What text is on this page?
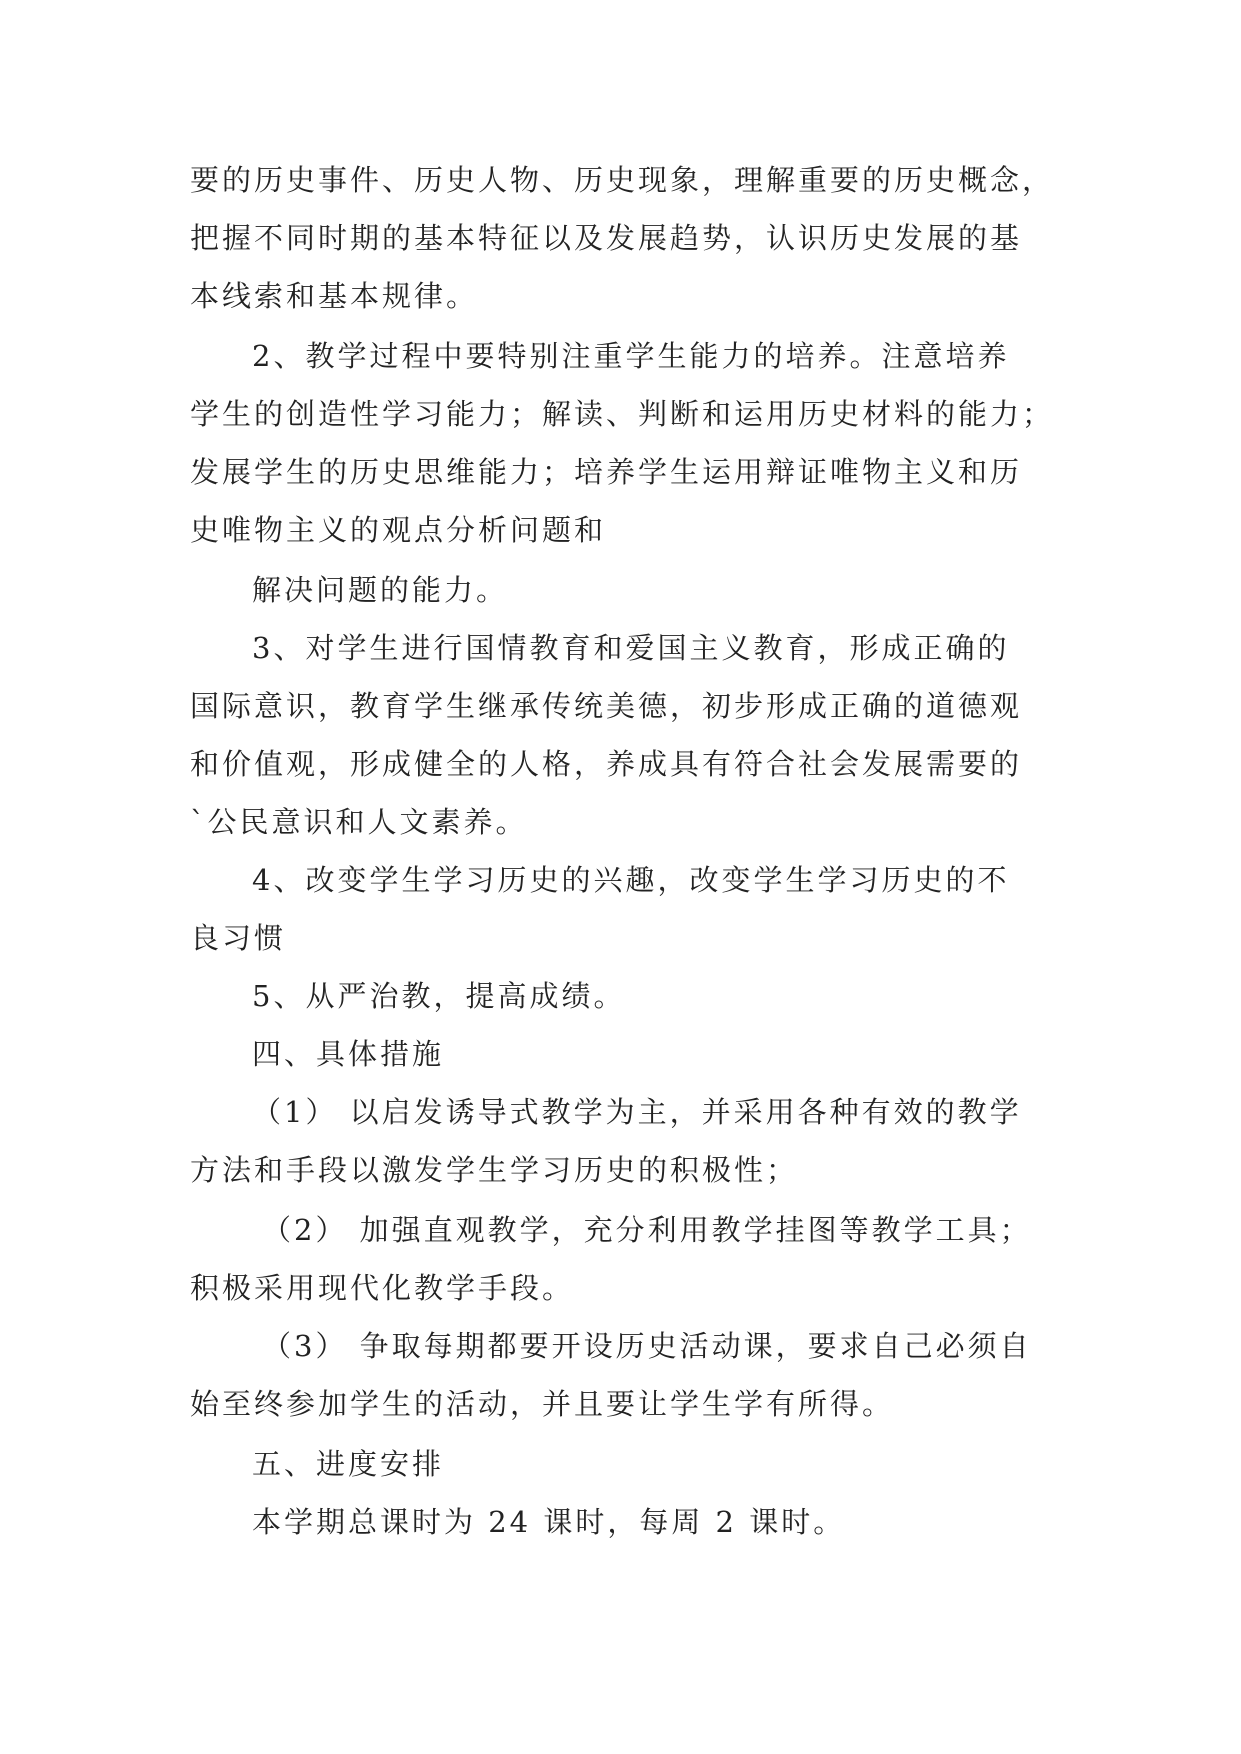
要的历史事件、历史人物、历史现象，理解重要的历史概念，
把握不同时期的基本特征以及发展趋势，认识历史发展的基
本线索和基本规律。
2、教学过程中要特别注重学生能力的培养。注意培养
学生的创造性学习能力；解读、判断和运用历史材料的能力；
发展学生的历史思维能力；培养学生运用辩证唯物主义和历
史唯物主义的观点分析问题和
解决问题的能力。
3、对学生进行国情教育和爱国主义教育，形成正确的
国际意识，教育学生继承传统美德，初步形成正确的道德观
和价值观，形成健全的人格，养成具有符合社会发展需要的
`公民意识和人文素养。
4、改变学生学习历史的兴趣，改变学生学习历史的不
良习惯
5、从严治教，提高成绩。
四、具体措施
（1） 以启发诱导式教学为主，并采用各种有效的教学
方法和手段以激发学生学习历史的积极性；
（2） 加强直观教学，充分利用教学挂图等教学工具；
积极采用现代化教学手段。
（3） 争取每期都要开设历史活动课，要求自己必须自
始至终参加学生的活动，并且要让学生学有所得。
五、进度安排
本学期总课时为 24 课时，每周 2 课时。
